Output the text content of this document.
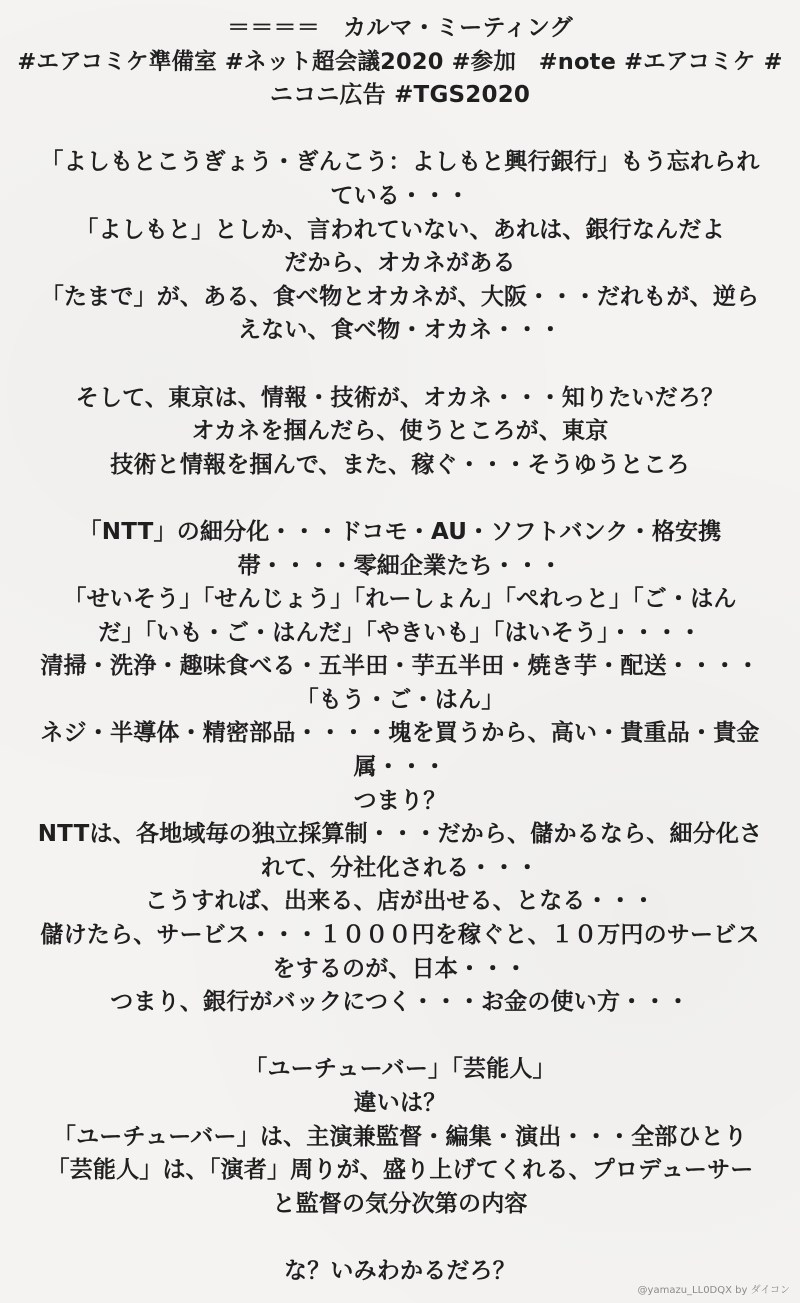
＝＝＝＝　カルマ・ミーティング
#エアコミケ準備室 #ネット超会議2020 #参加　#note #エアコミケ #
ニコニ広告 #TGS2020
「よしもとこうぎょう・ぎんこう：よしもと興行銀行」もう忘れられ
ている・・・
「よしもと」としか、言われていない、あれは、銀行なんだよ
だから、オカネがある
「たまで」が、ある、食べ物とオカネが、大阪・・・だれもが、逆ら
えない、食べ物・オカネ・・・
そして、東京は、情報・技術が、オカネ・・・知りたいだろ？
オカネを掴んだら、使うところが、東京
技術と情報を掴んで、また、稼ぐ・・・そうゆうところ
「NTT」の細分化・・・ドコモ・AU・ソフトバンク・格安携
帯・・・・零細企業たち・・・
「せいそう」「せんじょう」「れーしょん」「ぺれっと」「ご・はん
だ」「いも・ご・はんだ」「やきいも」「はいそう」・・・・
清掃・洗浄・趣味食べる・五半田・芋五半田・焼き芋・配送・・・・
「もう・ご・はん」
ネジ・半導体・精密部品・・・・塊を買うから、高い・貴重品・貴金
属・・・
つまり？
NTTは、各地域毎の独立採算制・・・だから、儲かるなら、細分化さ
れて、分社化される・・・
こうすれば、出来る、店が出せる、となる・・・
儲けたら、サービス・・・１０００円を稼ぐと、１０万円のサービス
をするのが、日本・・・
つまり、銀行がバックにつく・・・お金の使い方・・・
「ユーチューバー」「芸能人」
違いは？
「ユーチューバー」は、主演兼監督・編集・演出・・・全部ひとり
「芸能人」は、「演者」周りが、盛り上げてくれる、プロデューサー
と監督の気分次第の内容
な？いみわかるだろ？
@yamazu_LL0DQX by ダイコン
